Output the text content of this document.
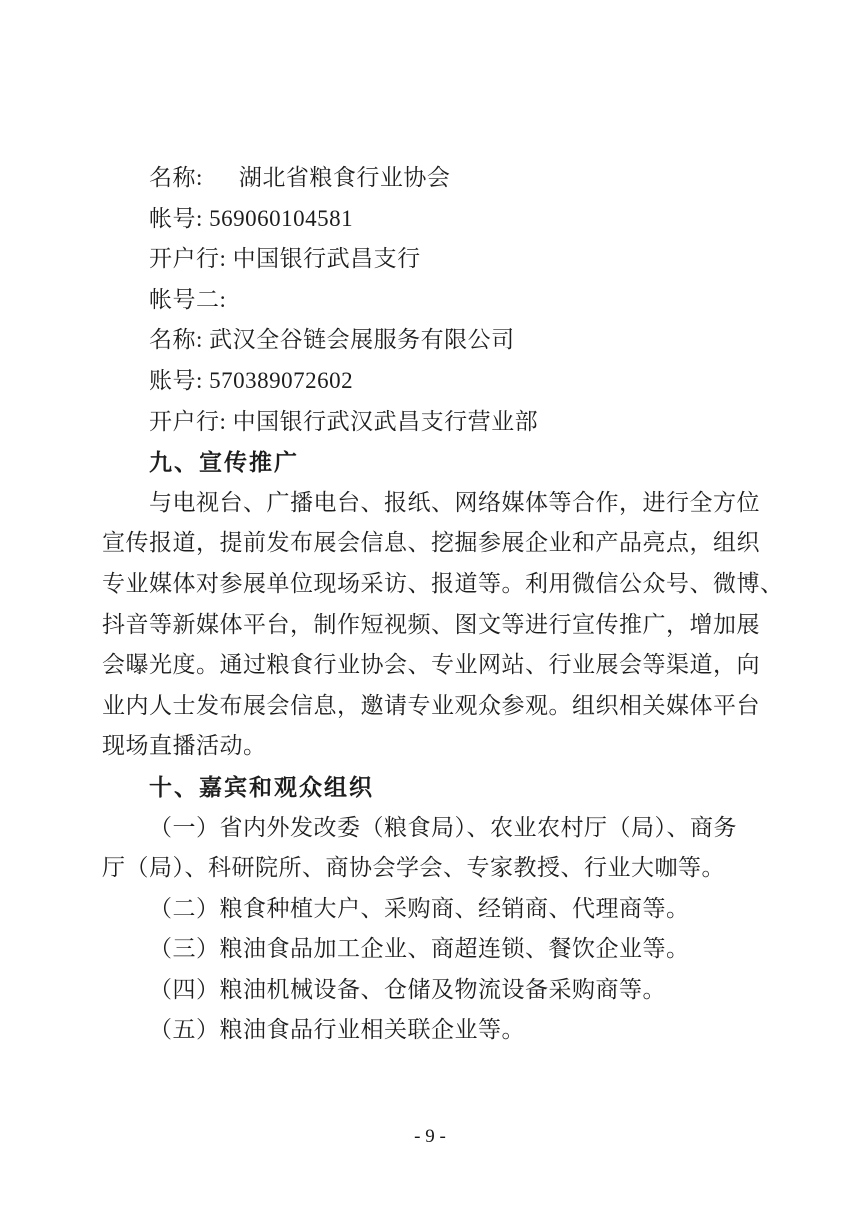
名称:　  湖北省粮食行业协会
帐号: 569060104581
开户行: 中国银行武昌支行
帐号二:
名称: 武汉全谷链会展服务有限公司
账号: 570389072602
开户行: 中国银行武汉武昌支行营业部
九、宣传推广
与电视台、广播电台、报纸、网络媒体等合作，进行全方位
宣传报道，提前发布展会信息、挖掘参展企业和产品亮点，组织
专业媒体对参展单位现场采访、报道等。利用微信公众号、微博、
抖音等新媒体平台，制作短视频、图文等进行宣传推广，增加展
会曝光度。通过粮食行业协会、专业网站、行业展会等渠道，向
业内人士发布展会信息，邀请专业观众参观。组织相关媒体平台
现场直播活动。
十、嘉宾和观众组织
（一）省内外发改委（粮食局）、农业农村厅（局）、商务
厅（局）、科研院所、商协会学会、专家教授、行业大咖等。
（二）粮食种植大户、采购商、经销商、代理商等。
（三）粮油食品加工企业、商超连锁、餐饮企业等。
（四）粮油机械设备、仓储及物流设备采购商等。
（五）粮油食品行业相关联企业等。
- 9 -
